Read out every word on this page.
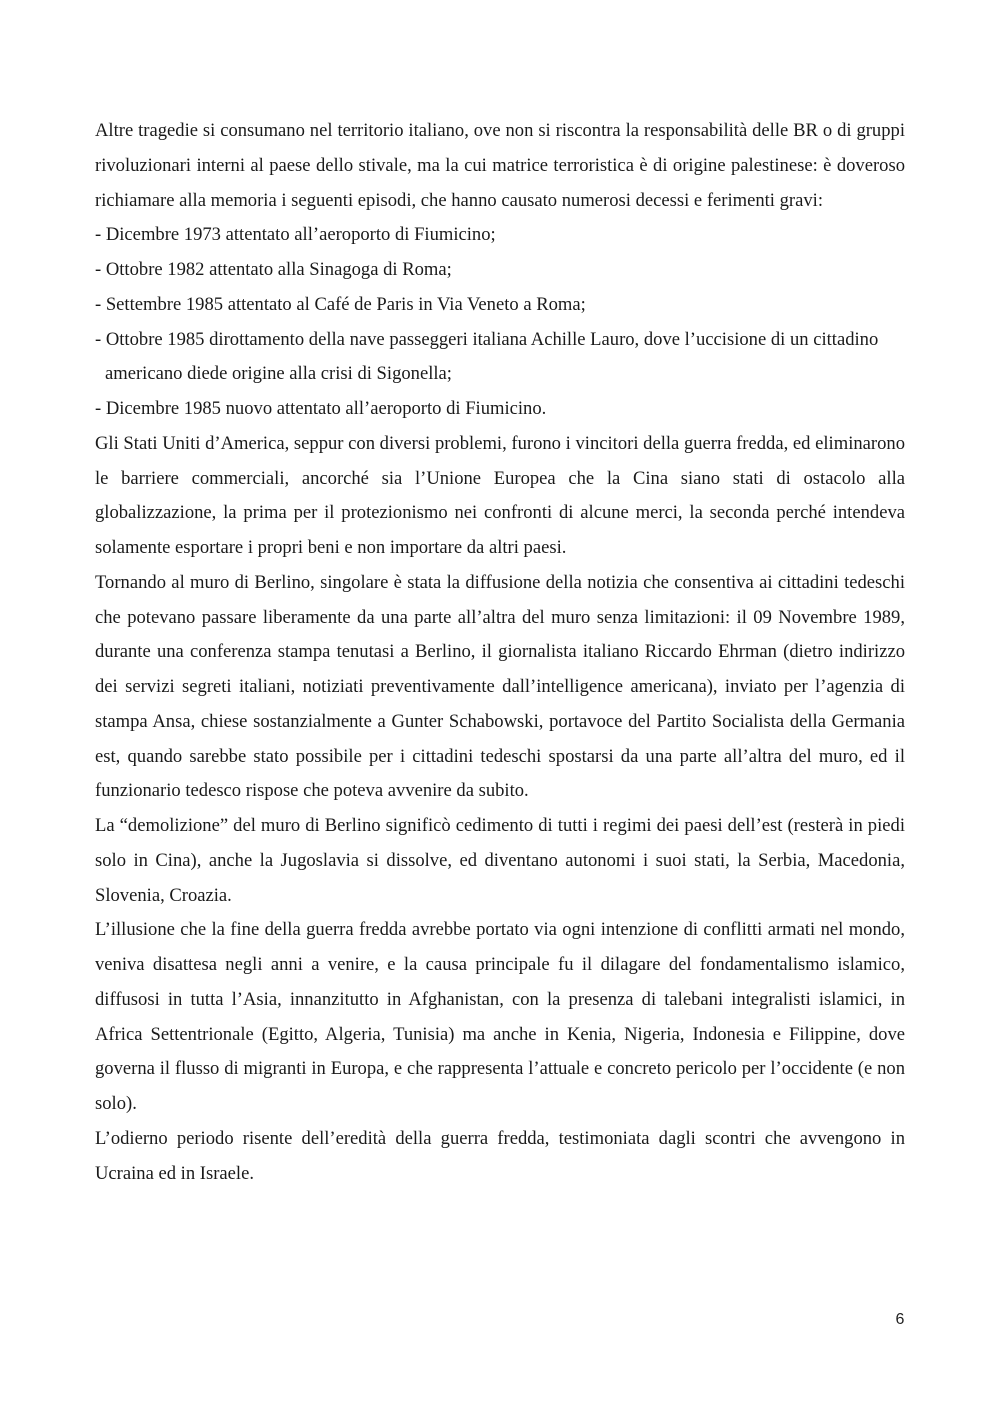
Altre tragedie si consumano nel territorio italiano, ove non si riscontra la responsabilità delle BR o di gruppi rivoluzionari interni al paese dello stivale, ma la cui matrice terroristica è di origine palestinese: è doveroso richiamare alla memoria i seguenti episodi, che hanno causato numerosi decessi e ferimenti gravi:

- Dicembre 1973 attentato all’aeroporto di Fiumicino;
- Ottobre 1982 attentato alla Sinagoga di Roma;
- Settembre 1985 attentato al Café de Paris in Via Veneto a Roma;
- Ottobre 1985 dirottamento della nave passeggeri italiana Achille Lauro, dove l’uccisione di un cittadino americano diede origine alla crisi di Sigonella;
- Dicembre 1985 nuovo attentato all’aeroporto di Fiumicino.

Gli Stati Uniti d’America, seppur con diversi problemi, furono i vincitori della guerra fredda, ed eliminarono le barriere commerciali, ancorché sia l’Unione Europea che la Cina siano stati di ostacolo alla globalizzazione, la prima per il protezionismo nei confronti di alcune merci, la seconda perché intendeva solamente esportare i propri beni e non importare da altri paesi.

Tornando al muro di Berlino, singolare è stata la diffusione della notizia che consentiva ai cittadini tedeschi che potevano passare liberamente da una parte all’altra del muro senza limitazioni: il 09 Novembre 1989, durante una conferenza stampa tenutasi a Berlino, il giornalista italiano Riccardo Ehrman (dietro indirizzo dei servizi segreti italiani, notiziati preventivamente dall’intelligence americana), inviato per l’agenzia di stampa Ansa, chiese sostanzialmente a Gunter Schabowski, portavoce del Partito Socialista della Germania est, quando sarebbe stato possibile per i cittadini tedeschi spostarsi da una parte all’altra del muro, ed il funzionario tedesco rispose che poteva avvenire da subito.

La “demolizione” del muro di Berlino significò cedimento di tutti i regimi dei paesi dell’est (resterà in piedi solo in Cina), anche la Jugoslavia si dissolve, ed diventano autonomi i suoi stati, la Serbia, Macedonia, Slovenia, Croazia.

L’illusione che la fine della guerra fredda avrebbe portato via ogni intenzione di conflitti armati nel mondo, veniva disattesa negli anni a venire, e la causa principale fu il dilagare del fondamentalismo islamico, diffusosi in tutta l’Asia, innanzitutto in Afghanistan, con la presenza di talebani integralisti islamici, in Africa Settentrionale (Egitto, Algeria, Tunisia) ma anche in Kenia, Nigeria, Indonesia e Filippine, dove governa il flusso di migranti in Europa, e che rappresenta l’attuale e concreto pericolo per l’occidente (e non solo).

L’odierno periodo risente dell’eredità della guerra fredda, testimoniata dagli scontri che avvengono in Ucraina ed in Israele.

6
